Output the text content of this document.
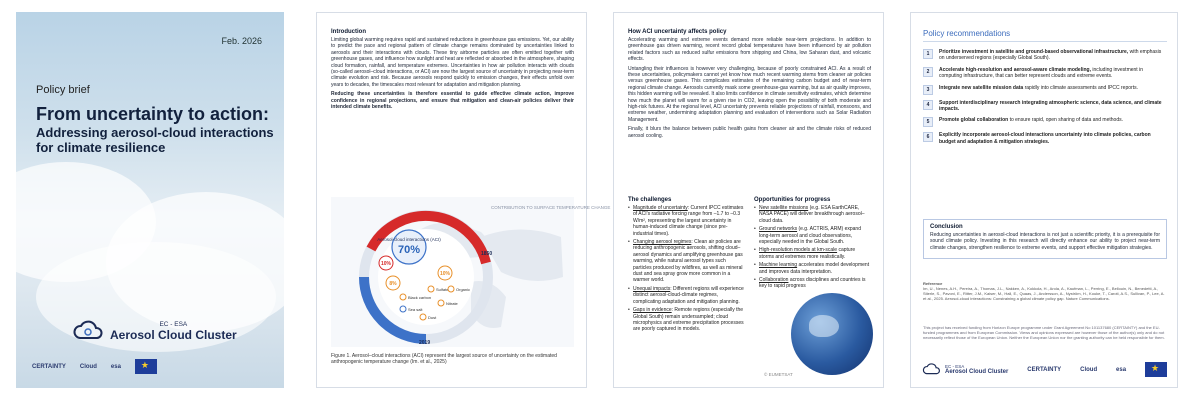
Feb. 2026
Policy brief
From uncertainty to action:
Addressing aerosol-cloud interactions
for climate resilience
EC - ESA
Aerosol Cloud Cluster
CERTAINTY Cloud esa
★
Introduction

Limiting global warming requires rapid and sustained reductions in greenhouse gas emissions. Yet, our ability to predict the pace and regional pattern of climate change remains dominated by uncertainties linked to aerosols and their interactions with clouds. These tiny airborne particles are often emitted together with greenhouse gases, and influence how sunlight and heat are reflected or absorbed in the atmosphere, shaping cloud formation, rainfall, and temperature extremes. Uncertainties in how air pollution interacts with clouds (so-called aerosol–cloud interactions, or ACI) are now the largest source of uncertainty in projecting near-term climate evolution and risk. Because aerosols respond quickly to emission changes, their effects unfold over years to decades, the timescales most relevant for adaptation and mitigation planning.

Reducing these uncertainties is therefore essential to guide effective climate action, improve confidence in regional projections, and ensure that mitigation and clean-air policies deliver their intended climate benefits.

Aerosol-cloud interactions (ACI)
70%
10%
8%
10%
Sulfate Organic
Black carbon
Nitrate
Sea salt
Dust
CONTRIBUTION TO SURFACE TEMPERATURE CHANGE
1850
2019

Figure 1. Aerosol–cloud interactions (ACI) represent the largest source of uncertainty on the estimated anthropogenic temperature change (Im. et al., 2025)

How ACI uncertainty affects policy

Accelerating warming and extreme events demand more reliable near-term projections. In addition to greenhouse gas driven warming, recent record global temperatures have been influenced by air pollution related factors such as reduced sulfur emissions from shipping and China, low Saharan dust, and volcanic effects.

Untangling their influences is however very challenging, because of poorly constrained ACI. As a result of these uncertainties, policymakers cannot yet know how much recent warming stems from cleaner air policies versus greenhouse gases. This complicates estimates of the remaining carbon budget and of near-term regional climate change. Aerosols currently mask some greenhouse-gas warming, but as air quality improves, this hidden warming will be revealed. It also limits confidence in climate sensitivity estimates, which determine how much the planet will warm for a given rise in CO2, leaving open the possibility of both moderate and high-risk futures. At the regional level, ACI uncertainty prevents reliable projections of rainfall, monsoons, and extreme weather, undermining adaptation planning and evaluation of interventions such as Solar Radiation Management.

Finally, it blurs the balance between public health gains from cleaner air and the climate risks of reduced aerosol cooling.

The challenges
• Magnitude of uncertainty: Current IPCC estimates of ACI's radiative forcing range from –1.7 to –0.3 W/m², representing the largest uncertainty in human-induced climate change (since pre-industrial times).
• Changing aerosol regimes: Clean air policies are reducing anthropogenic aerosols, shifting cloud–aerosol dynamics and amplifying greenhouse gas warming, while natural aerosol types such particles produced by wildfires, as well as mineral dust and sea spray grow more common in a warmer world.
• Unequal impacts: Different regions will experience distinct aerosol-cloud-climate regimes, complicating adaptation and mitigation planning.
• Gaps in evidence: Remote regions (especially the Global South) remain undersampled; cloud microphysics and extreme precipitation processes are poorly captured in models.
Opportunities for progress
• New satellite missions (e.g. ESA EarthCARE, NASA PACE) will deliver breakthrough aerosol–cloud data.
• Ground networks (e.g. ACTRIS, ARM) expand long-term aerosol and cloud observations, especially needed in the Global South.
• High-resolution models at km-scale capture storms and extremes more realistically.
• Machine learning accelerates model development and improves data interpretation.
• Collaboration across disciplines and countries is key to rapid progress
© EUMETSAT
Policy recommendations
1	Prioritize investment in satellite and ground-based observational infrastructure, with emphasis on underserved regions (especially Global South).
2	Accelerate high-resolution and aerosol-aware climate modeling, including investment in computing infrastructure, that can better represent clouds and extreme events.
3	Integrate new satellite mission data rapidly into climate assessments and IPCC reports.
4	Support interdisciplinary research integrating atmospheric science, data science, and climate impacts.
5	Promote global collaboration to ensure rapid, open sharing of data and methods.
6	Explicitly incorporate aerosol-cloud interactions uncertainty into climate policies, carbon budget and adaptation & mitigation strategies.
Conclusion

Reducing uncertainties in aerosol-cloud interactions is not just a scientific priority, it is a prerequisite for sound climate policy. Investing in this research will directly enhance our ability to project near-term climate changes, strengthen resilience to extreme events, and support effective mitigation strategies.

Reference
Im, U., Nenes, A.H., Pereira, A., Thomas, J.L., Nakken, A., Kokkola, H., Arola, A., Kaufman, L., Perring, E., Bellouin, N., Benedetti, A., Stierle, S., Pavoni, E., Ritter, J.M., Kaiser, M., Hall, E., Quaas, J., Andersson, A., Nyström, H., Kouke, T., Caroti, A.S., Sullivan, P., Lee, A. et al., 2025. Aerosol-cloud interactions: Constraining a global climate policy gap. Nature Communications.
This project has received funding from Horizon Europe programme under Grant Agreement No 101137680 (CERTAINTY) and the EU-funded programmes and from European Commission. Views and opinions expressed are however those of the author(s) only and do not necessarily reflect those of the European Union. Neither the European Union nor the granting authority can be held responsible for them.
EC - ESA
Aerosol Cloud Cluster	CERTAINTY	Cloud	esa
★
